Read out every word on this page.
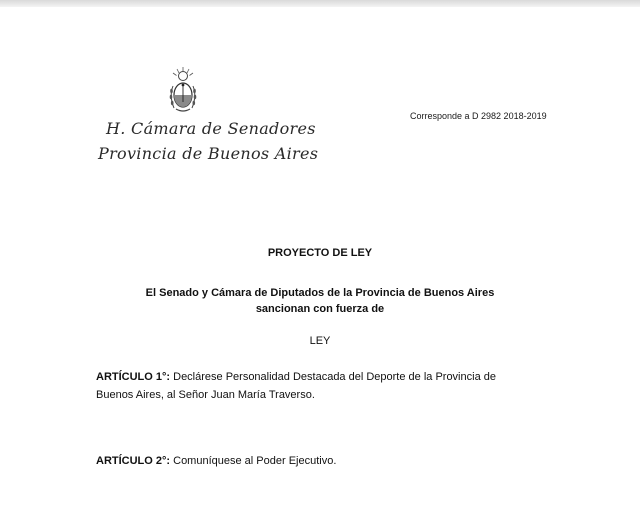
H. Cámara de Senadores
Provincia de Buenos Aires
Corresponde a D 2982 2018-2019
PROYECTO DE LEY
El Senado y Cámara de Diputados de la Provincia de Buenos Aires
sancionan con fuerza de
LEY
ARTÍCULO 1°: Declárese Personalidad Destacada del Deporte de la Provincia de Buenos Aires, al Señor Juan María Traverso.
ARTÍCULO 2°: Comuníquese al Poder Ejecutivo.
